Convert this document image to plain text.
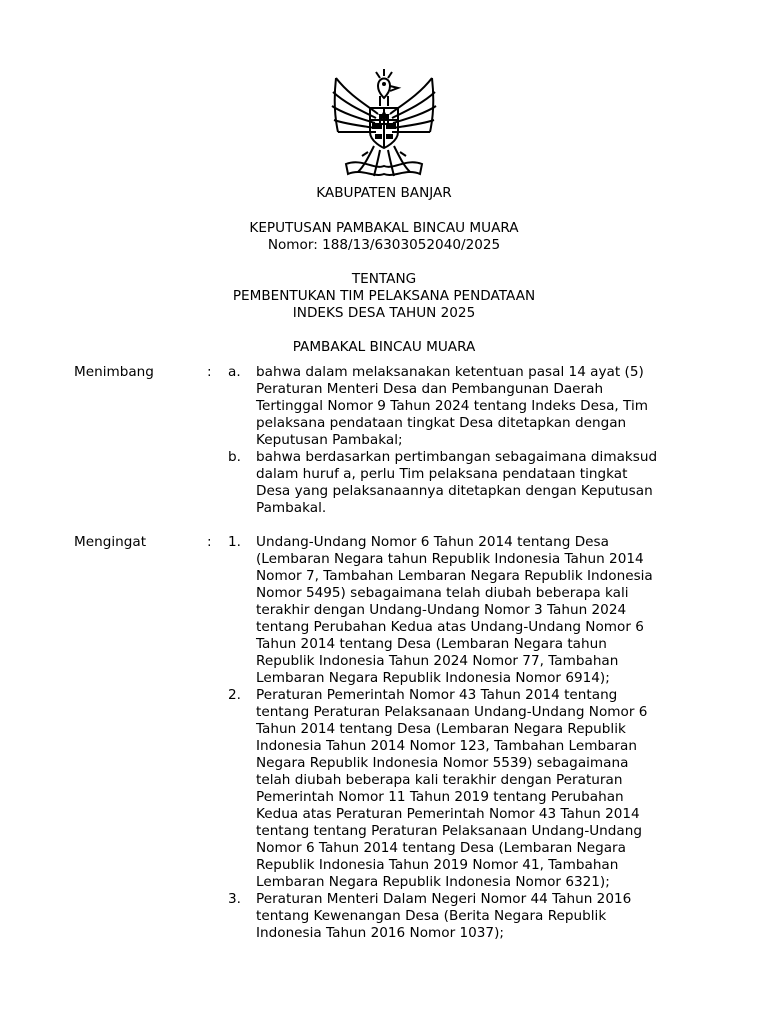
KABUPATEN BANJAR
KEPUTUSAN PAMBAKAL BINCAU MUARA

Nomor: 188/13/6303052040/2025

TENTANG

PEMBENTUKAN TIM PELAKSANA PENDATAAN

INDEKS DESA TAHUN 2025

PAMBAKAL BINCAU MUARA

Menimbang	: a. bahwa dalam melaksanakan ketentuan pasal 14 ayat (5)
Peraturan Menteri Desa dan Pembangunan Daerah
Tertinggal Nomor 9 Tahun 2024 tentang Indeks Desa, Tim
pelaksana pendataan tingkat Desa ditetapkan dengan
Keputusan Pambakal;
b. bahwa berdasarkan pertimbangan sebagaimana dimaksud
dalam huruf a, perlu Tim pelaksana pendataan tingkat
Desa yang pelaksanaannya ditetapkan dengan Keputusan
Pambakal.
Mengingat	: 1. Undang-Undang Nomor 6 Tahun 2014 tentang Desa
(Lembaran Negara tahun Republik Indonesia Tahun 2014
Nomor 7, Tambahan Lembaran Negara Republik Indonesia
Nomor 5495) sebagaimana telah diubah beberapa kali
terakhir dengan Undang-Undang Nomor 3 Tahun 2024
tentang Perubahan Kedua atas Undang-Undang Nomor 6
Tahun 2014 tentang Desa (Lembaran Negara tahun
Republik Indonesia Tahun 2024 Nomor 77, Tambahan
Lembaran Negara Republik Indonesia Nomor 6914);
2. Peraturan Pemerintah Nomor 43 Tahun 2014 tentang
tentang Peraturan Pelaksanaan Undang-Undang Nomor 6
Tahun 2014 tentang Desa (Lembaran Negara Republik
Indonesia Tahun 2014 Nomor 123, Tambahan Lembaran
Negara Republik Indonesia Nomor 5539) sebagaimana
telah diubah beberapa kali terakhir dengan Peraturan
Pemerintah Nomor 11 Tahun 2019 tentang Perubahan
Kedua atas Peraturan Pemerintah Nomor 43 Tahun 2014
tentang tentang Peraturan Pelaksanaan Undang-Undang
Nomor 6 Tahun 2014 tentang Desa (Lembaran Negara
Republik Indonesia Tahun 2019 Nomor 41, Tambahan
Lembaran Negara Republik Indonesia Nomor 6321);
3. Peraturan Menteri Dalam Negeri Nomor 44 Tahun 2016
tentang Kewenangan Desa (Berita Negara Republik
Indonesia Tahun 2016 Nomor 1037);
